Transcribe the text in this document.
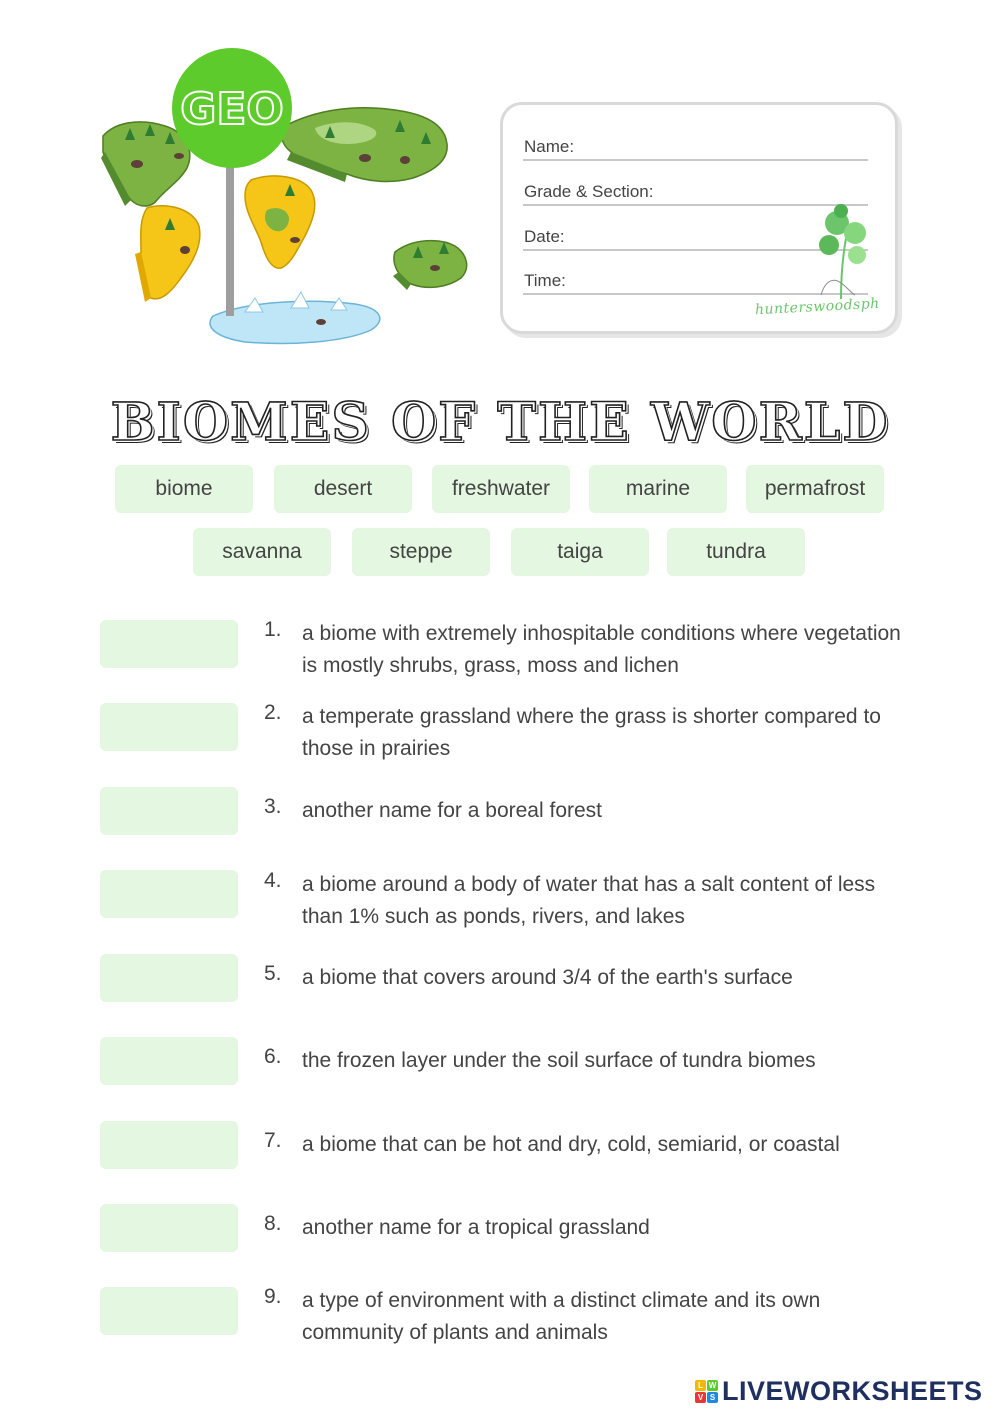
GEO
Name:
Grade & Section:
Date:
Time:
hunterswoodsph
BIOMES OF THE WORLD
biome	desert	freshwater	marine	permafrost
savanna	steppe	taiga	tundra
1. a biome with extremely inhospitable conditions where vegetation is mostly shrubs, grass, moss and lichen
2. a temperate grassland where the grass is shorter compared to those in prairies
3. another name for a boreal forest
4. a biome around a body of water that has a salt content of less than 1% such as ponds, rivers, and lakes
5. a biome that covers around 3/4 of the earth's surface
6. the frozen layer under the soil surface of tundra biomes
7. a biome that can be hot and dry, cold, semiarid, or coastal
8. another name for a tropical grassland
9. a type of environment with a distinct climate and its own community of plants and animals
L W
V S LIVEWORKSHEETS
